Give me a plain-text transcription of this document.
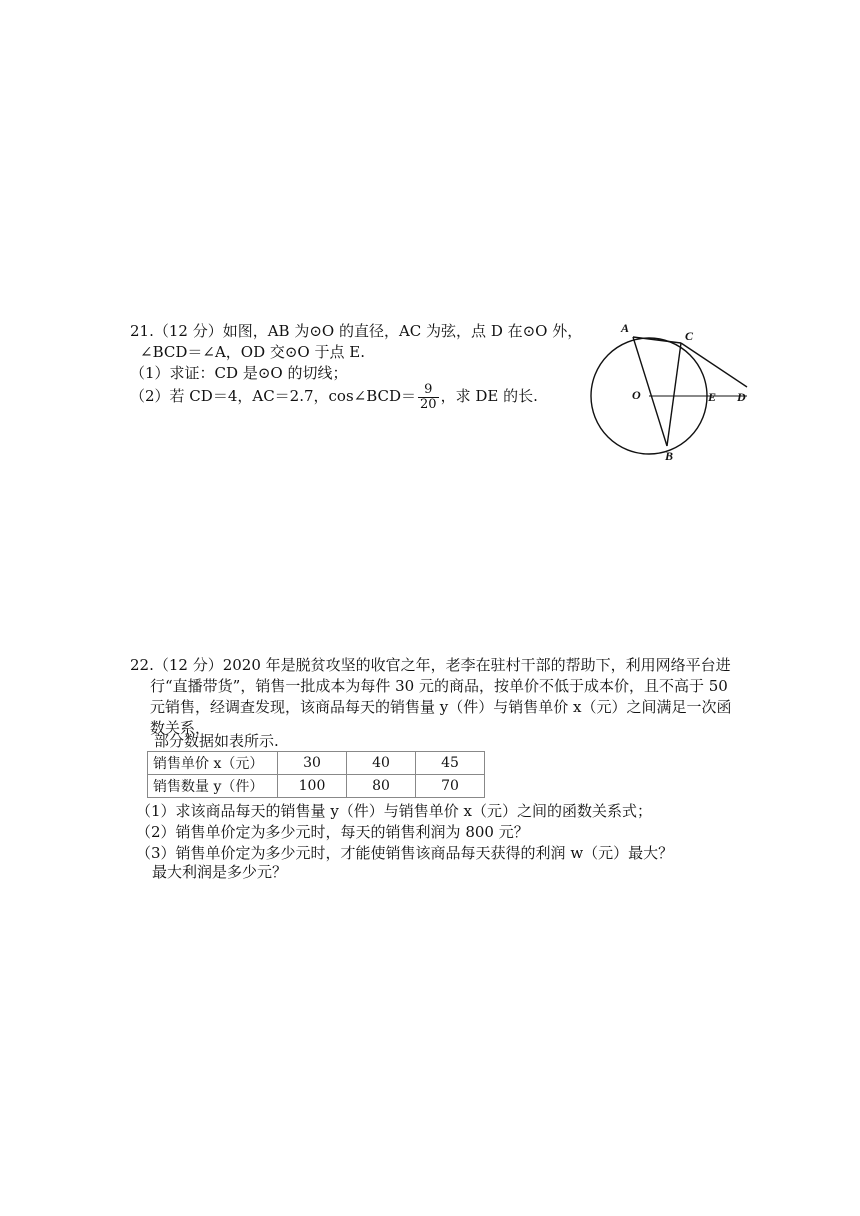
21.（12 分）如图，AB 为⊙O 的直径，AC 为弦，点 D 在⊙O 外，
∠BCD＝∠A，OD 交⊙O 于点 E.
（1）求证：CD 是⊙O 的切线；
（2）若 CD＝4，AC＝2.7，cos∠BCD＝ $\frac{9}{20}$ ，求 DE 的长.
A
C
O	E D
B
22.（12 分）2020 年是脱贫攻坚的收官之年，老李在驻村干部的帮助下，利用网络平台进
行“直播带货”，销售一批成本为每件 30 元的商品，按单价不低于成本价，且不高于 50
元销售，经调查发现，该商品每天的销售量 y（件）与销售单价 x（元）之间满足一次函
数关系，
部分数据如表所示.
销售单价 x（元）	30	40	45
销售数量 y（件）	100	80	70
（1）求该商品每天的销售量 y（件）与销售单价 x（元）之间的函数关系式；
（2）销售单价定为多少元时，每天的销售利润为 800 元？
（3）销售单价定为多少元时，才能使销售该商品每天获得的利润 w（元）最大？
最大利润是多少元？
